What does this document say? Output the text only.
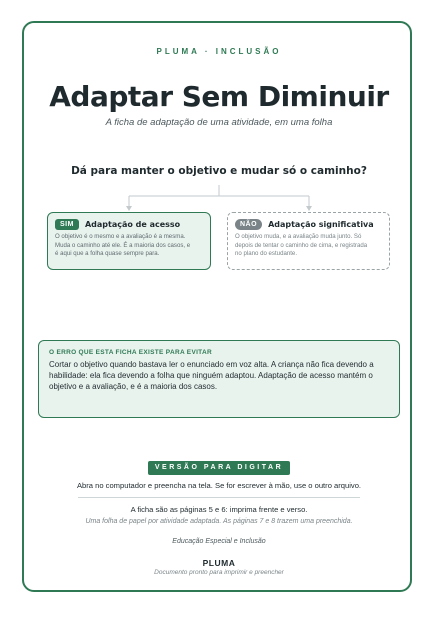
PLUMA · INCLUSÃO
Adaptar Sem Diminuir
A ficha de adaptação de uma atividade, em uma folha
Dá para manter o objetivo e mudar só o caminho?
SIM	Adaptação de acesso
O objetivo é o mesmo e a avaliação é a mesma.
Muda o caminho até ele. É a maioria dos casos, e
é aqui que a folha quase sempre para.
NÃO	Adaptação significativa
O objetivo muda, e a avaliação muda junto. Só
depois de tentar o caminho de cima, e registrada
no plano do estudante.
O ERRO QUE ESTA FICHA EXISTE PARA EVITAR
Cortar o objetivo quando bastava ler o enunciado em voz alta. A criança não fica devendo a
habilidade: ela fica devendo a folha que ninguém adaptou. Adaptação de acesso mantém o
objetivo e a avaliação, e é a maioria dos casos.
VERSÃO PARA DIGITAR
Abra no computador e preencha na tela. Se for escrever à mão, use o outro arquivo.
A ficha são as páginas 5 e 6: imprima frente e verso.
Uma folha de papel por atividade adaptada. As páginas 7 e 8 trazem uma preenchida.
Educação Especial e Inclusão
PLUMA
Documento pronto para imprimir e preencher
